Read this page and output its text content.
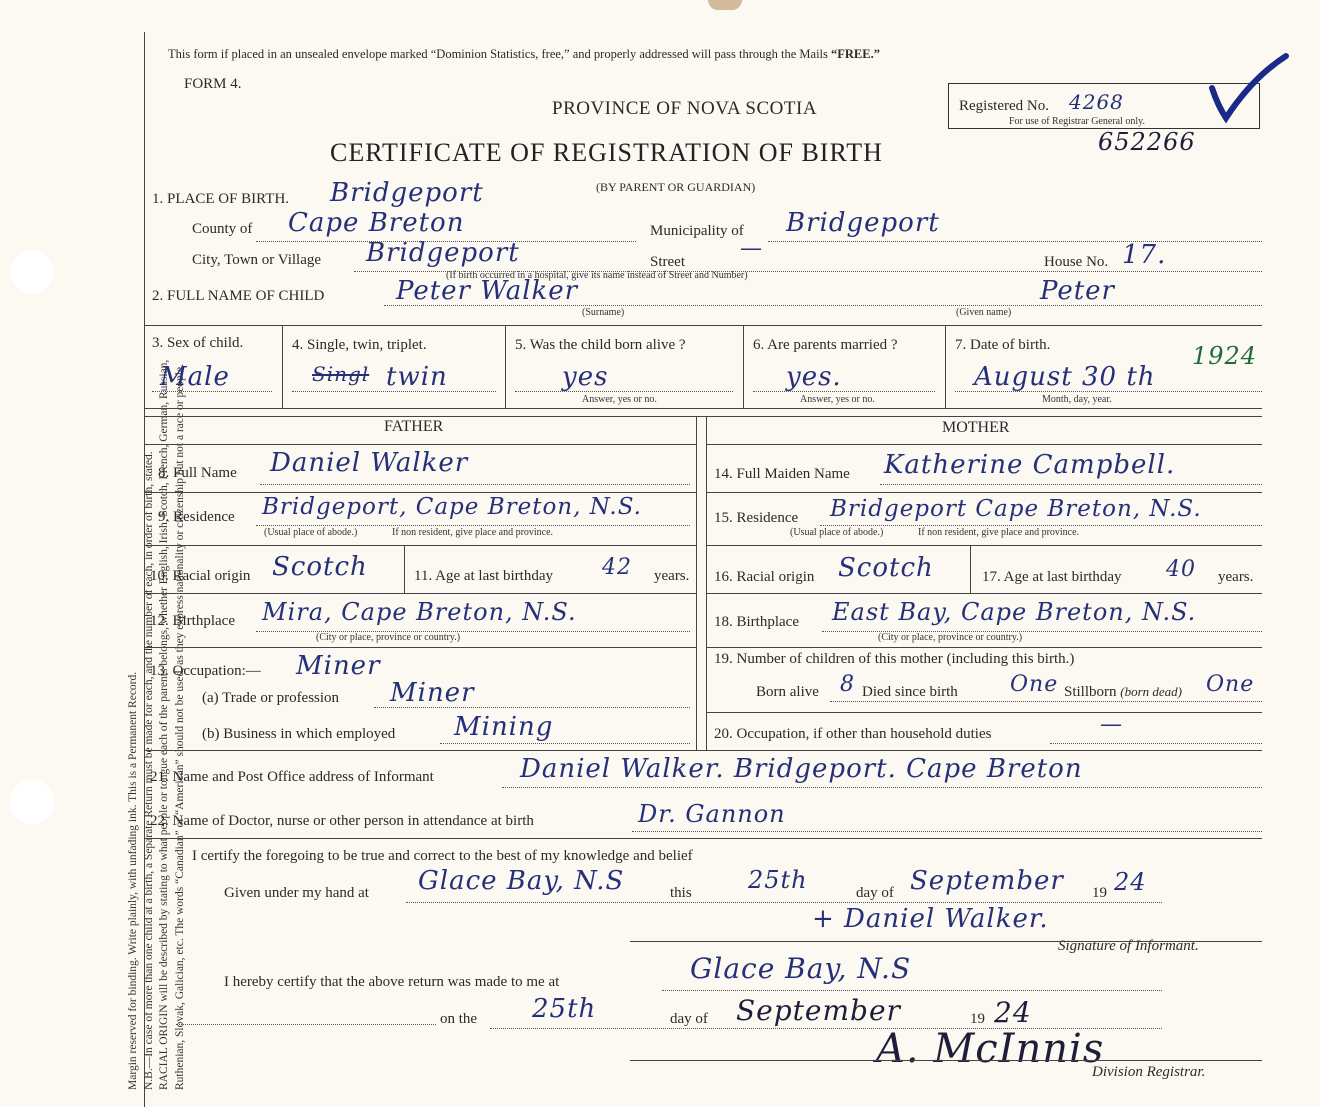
Margin reserved for binding. Write plainly, with unfading ink. This is a Permanent Record. N.B.—In case of more than one child at a birth, a Separate Return must be made for each, and the number of each, in order of birth, stated. RACIAL ORIGIN will be described by stating to what people or tongue each of the parents belongs, whether English, Irish, Scotch, French, German, Russian, Ruthenian, Slovak, Galician, etc. The words “Canadian” or “American” should not be used, as they express nationality or citizenship but not a race or people.
This form if placed in an unsealed envelope marked “Dominion Statistics, free,” and properly addressed will pass through the Mails “FREE.”
FORM 4.
PROVINCE OF NOVA SCOTIA	Registered No. 4268
For use of Registrar General only.
CERTIFICATE OF REGISTRATION OF BIRTH	652266
(BY PARENT OR GUARDIAN)
1. PLACE OF BIRTH. Bridgeport
County of Cape Breton	Municipality of Bridgeport
City, Town or Village Bridgeport	Street
—
(If birth occurred in a hospital, give its name instead of Street and Number)
House No. 17.
2. FULL NAME OF CHILD	Peter Walker	Peter
(Surname)	(Given name)
3. Sex of child.
Male
4. Single, twin, triplet.
Singl twin
5. Was the child born alive ?
yes
Answer, yes or no.
6. Are parents married ?
yes.
Answer, yes or no.
7. Date of birth.
August 30 th
1924
Month, day, year.
FATHER	MOTHER
8. Full Name Daniel Walker
9. Residence Bridgeport, Cape Breton, N.S.
(Usual place of abode.)	If non resident, give place and province.
10. Racial origin Scotch	11. Age at last birthday 42 years.
12. Birthplace Mira, Cape Breton, N.S.
(City or place, province or country.)
13. Occupation:— Miner
(a) Trade or profession Miner
(b) Business in which employed Mining
14. Full Maiden Name Katherine Campbell.
15. Residence Bridgeport Cape Breton, N.S.
(Usual place of abode.)	If non resident, give place and province.
16. Racial origin Scotch	17. Age at last birthday 40 years.
18. Birthplace East Bay, Cape Breton, N.S.
(City or place, province or country.)
19. Number of children of this mother (including this birth.)
Born alive 8 Died since birth One Stillborn (born dead) One
20. Occupation, if other than household duties	—
21. Name and Post Office address of Informant	Daniel Walker. Bridgeport. Cape Breton
22. Name of Doctor, nurse or other person in attendance at birth	Dr. Gannon
I certify the foregoing to be true and correct to the best of my knowledge and belief
Given under my hand at Glace Bay, N.S	this 25th	day of September 19 24
+ Daniel Walker.
Signature of Informant.
I hereby certify that the above return was made to me at	Glace Bay, N.S
on the 25th	day of September	19 24
A. McInnis
Division Registrar.
